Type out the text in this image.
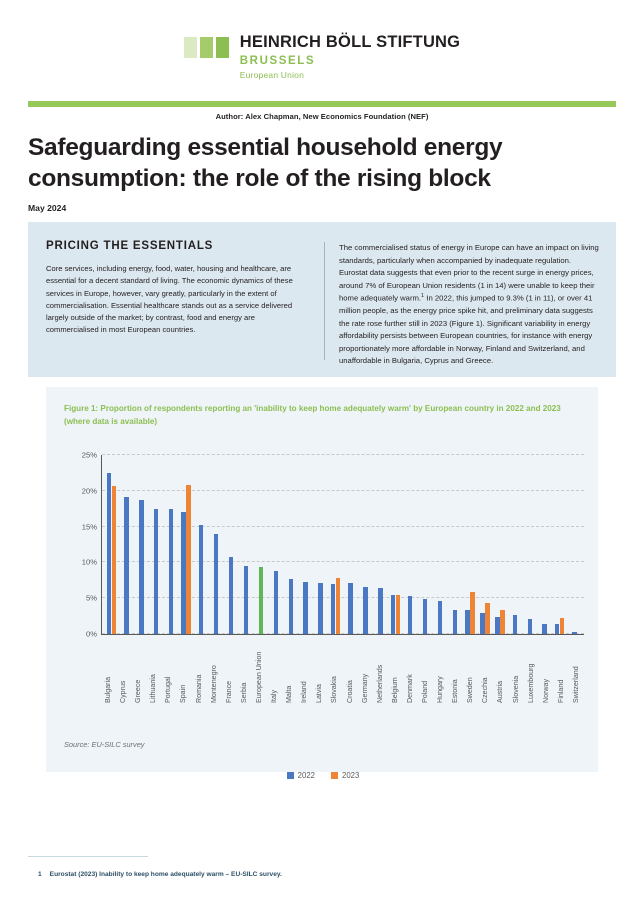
HEINRICH BÖLL STIFTUNG
BRUSSELS
European Union
Author: Alex Chapman, New Economics Foundation (NEF)
Safeguarding essential household energy consumption: the role of the rising block
May 2024
PRICING THE ESSENTIALS

Core services, including energy, food, water, housing and healthcare, are essential for a decent standard of living. The economic dynamics of these services in Europe, however, vary greatly, particularly in the extent of commercialisation. Essential healthcare stands out as a service delivered largely outside of the market; by contrast, food and energy are commercialised in most European countries.

The commercialised status of energy in Europe can have an impact on living standards, particularly when accompanied by inadequate regulation. Eurostat data suggests that even prior to the recent surge in energy prices, around 7% of European Union residents (1 in 14) were unable to keep their home adequately warm.$^1$ In 2022, this jumped to 9.3% (1 in 11), or over 41 million people, as the energy price spike hit, and preliminary data suggests the rate rose further still in 2023 (Figure 1). Significant variability in energy affordability persists between European countries, for instance with energy proportionately more affordable in Norway, Finland and Switzerland, and unaffordable in Bulgaria, Cyprus and Greece.

Figure 1: Proportion of respondents reporting an 'inability to keep home adequately warm' by European country in 2022 and 2023 (where data is available)
0%
5%
10%
15%
20%
25%
Bulgaria Cyprus Greece Lithuania Portugal Spain Romania Montenegro France Serbia European Union Italy Malta Ireland Latvia Slovakia Croatia Germany Netherlands Belgium Denmark Poland Hungary Estonia Sweden Czechia Austria Slovenia Luxembourg Norway Finland Switzerland
2022	2023
Source: EU-SILC survey
1 Eurostat (2023) Inability to keep home adequately warm – EU-SILC survey.
